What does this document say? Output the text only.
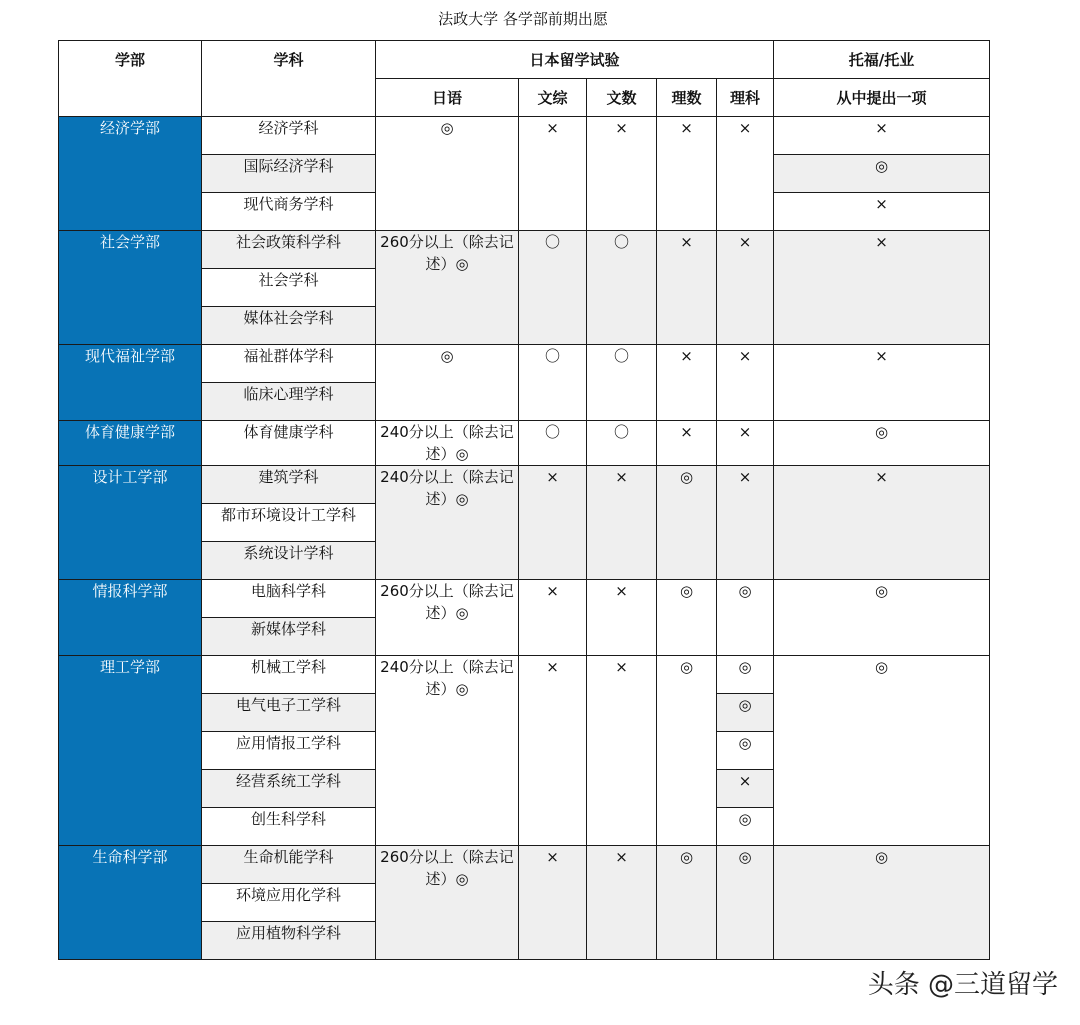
法政大学 各学部前期出愿
学部	学科	日本留学试验					托福/托业
		日语	文综	文数	理数	理科	从中提出一项
经济学部	经济学科	◎	×	×	×	×	×
	国际经济学科						◎
	现代商务学科						×
社会学部	社会政策科学科	260分以上（除去记述）◎	〇	〇	×	×	×
	社会学科						
	媒体社会学科						
现代福祉学部	福祉群体学科	◎	〇	〇	×	×	×
	临床心理学科						
体育健康学部	体育健康学科	240分以上（除去记述）◎	〇	〇	×	×	◎
设计工学部	建筑学科	240分以上（除去记述）◎	×	×	◎	×	×
	都市环境设计工学科						
	系统设计学科						
情报科学部	电脑科学科	260分以上（除去记述）◎	×	×	◎	◎	◎
	新媒体学科						
理工学部	机械工学科	240分以上（除去记述）◎	×	×	◎	◎	◎
	电气电子工学科					◎	
	应用情报工学科					◎	
	经营系统工学科					×	
	创生科学科					◎	
生命科学部	生命机能学科	260分以上（除去记述）◎	×	×	◎	◎	◎
	环境应用化学科						
	应用植物科学科						
头条 @三道留学
